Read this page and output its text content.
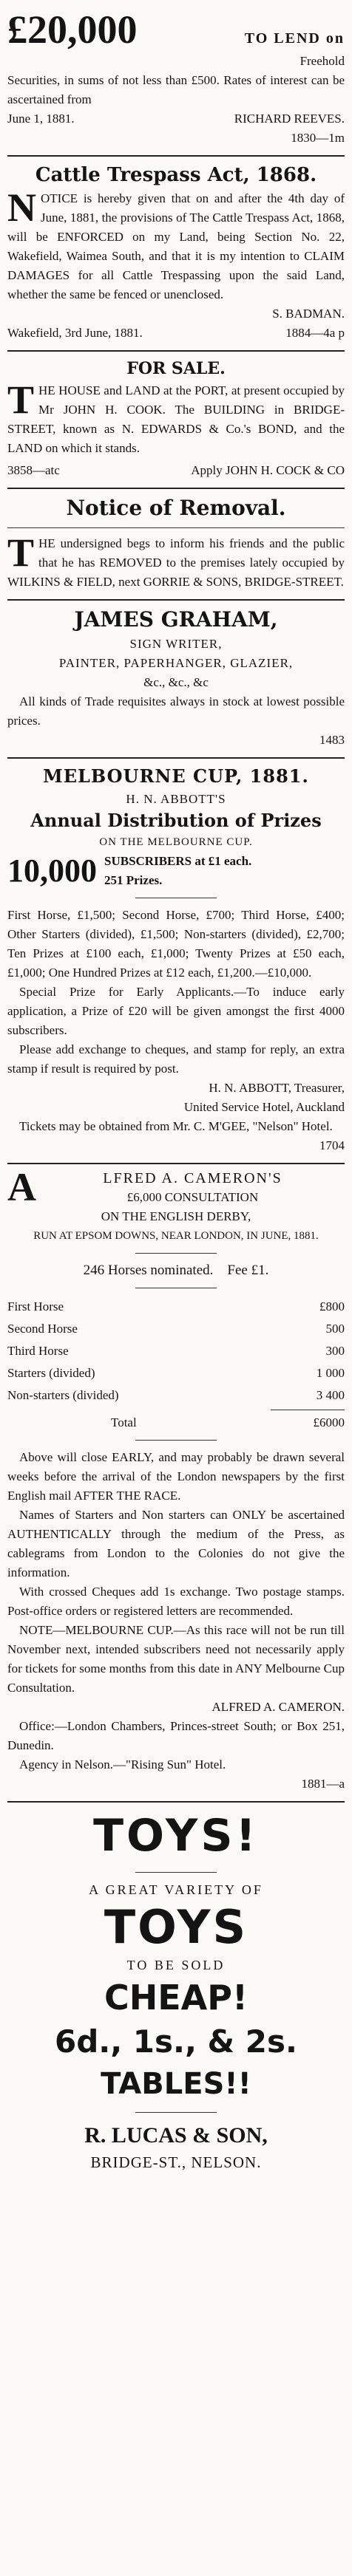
£20,000	TO LEND on

Freehold

Securities, in sums of not less than £500. Rates of interest can be ascertained from

June 1, 1881.	RICHARD REEVES.

1830—1m

Cattle Trespass Act, 1868.

N OTICE is hereby given that on and after the 4th day of June, 1881, the provisions of The Cattle Trespass Act, 1868, will be ENFORCED on my Land, being Section No. 22, Wakefield, Waimea South, and that it is my intention to CLAIM DAMAGES for all Cattle Trespassing upon the said Land, whether the same be fenced or unenclosed.

S. BADMAN.

Wakefield, 3rd June, 1881.	1884—4a p

FOR SALE.

T HE HOUSE and LAND at the PORT, at present occupied by Mr JOHN H. COOK. The BUILDING in BRIDGE-STREET, known as N. EDWARDS & Co.'s BOND, and the LAND on which it stands.

3858—atc	Apply JOHN H. COCK & CO

Notice of Removal.

T HE undersigned begs to inform his friends and the public that he has REMOVED to the premises lately occupied by WILKINS & FIELD, next GORRIE & SONS, BRIDGE-STREET.

JAMES GRAHAM,

SIGN WRITER,

PAINTER, PAPERHANGER, GLAZIER,

&c., &c., &c

All kinds of Trade requisites always in stock at lowest possible prices.

1483

MELBOURNE CUP, 1881.

H. N. ABBOTT'S

Annual Distribution of Prizes

ON THE MELBOURNE CUP.

10,000 SUBSCRIBERS at £1 each.

251 Prizes.

First Horse, £1,500; Second Horse, £700; Third Horse, £400; Other Starters (divided), £1,500; Non-starters (divided), £2,700; Ten Prizes at £100 each, £1,000; Twenty Prizes at £50 each, £1,000; One Hundred Prizes at £12 each, £1,200.—£10,000.

Special Prize for Early Applicants.—To induce early application, a Prize of £20 will be given amongst the first 4000 subscribers.

Please add exchange to cheques, and stamp for reply, an extra stamp if result is required by post.

H. N. ABBOTT, Treasurer,

United Service Hotel, Auckland

Tickets may be obtained from Mr. C. M'GEE, "Nelson" Hotel.

1704

A	LFRED A. CAMERON'S

£6,000 CONSULTATION

ON THE ENGLISH DERBY,

RUN AT EPSOM DOWNS, NEAR LONDON, IN JUNE, 1881.

246 Horses nominated. Fee £1.

First Horse	£800
Second Horse	500
Third Horse	300
Starters (divided)	1 000
Non-starters (divided)	3 400

Total	£6000

Above will close EARLY, and may probably be drawn several weeks before the arrival of the London newspapers by the first English mail AFTER THE RACE.

Names of Starters and Non starters can ONLY be ascertained AUTHENTICALLY through the medium of the Press, as cablegrams from London to the Colonies do not give the information.

With crossed Cheques add 1s exchange. Two postage stamps. Post-office orders or registered letters are recommended.

NOTE—MELBOURNE CUP.—As this race will not be run till November next, intended subscribers need not necessarily apply for tickets for some months from this date in ANY Melbourne Cup Consultation.

ALFRED A. CAMERON.

Office:—London Chambers, Princes-street South; or Box 251, Dunedin.

Agency in Nelson.—"Rising Sun" Hotel.

1881—a

TOYS!

A GREAT VARIETY OF

TOYS

TO BE SOLD

CHEAP!

6d., 1s., & 2s.

TABLES!!

R. LUCAS & SON,

BRIDGE-ST., NELSON.
